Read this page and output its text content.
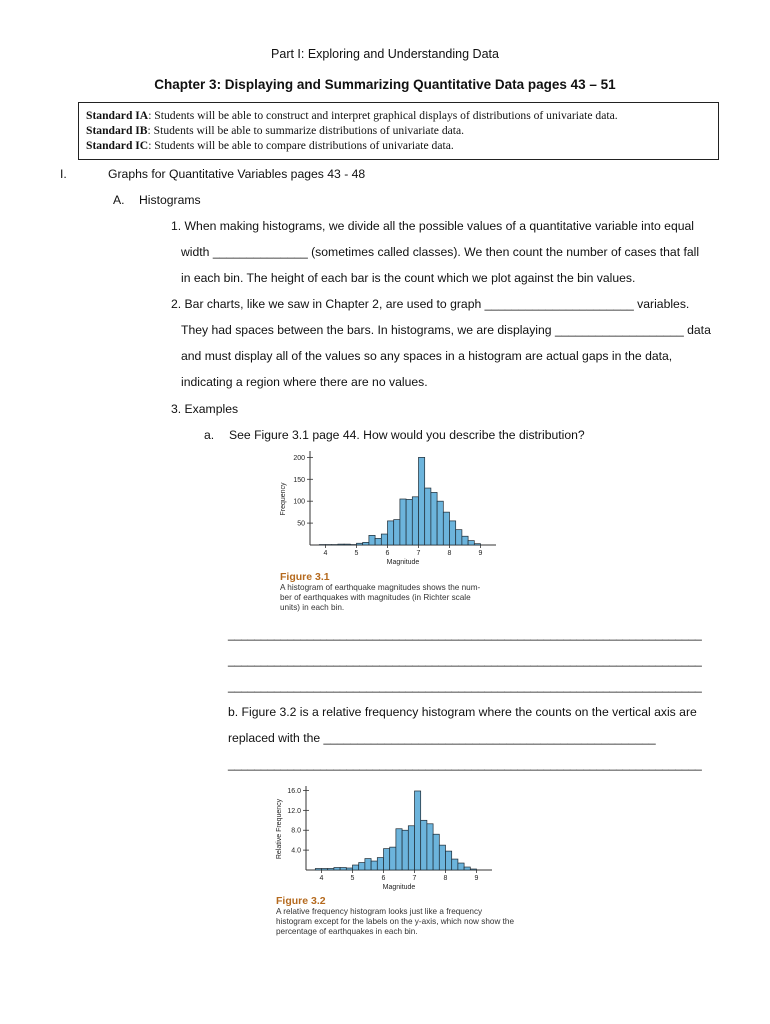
Part I: Exploring and Understanding Data
Chapter 3: Displaying and Summarizing Quantitative Data pages 43 – 51
Standard IA: Students will be able to construct and interpret graphical displays of distributions of univariate data.
Standard IB: Students will be able to summarize distributions of univariate data.
Standard IC: Students will be able to compare distributions of univariate data.
I.	Graphs for Quantitative Variables pages 43 - 48
A. Histograms
1. When making histograms, we divide all the possible values of a quantitative variable into equal
width ______________ (sometimes called classes). We then count the number of cases that fall
in each bin. The height of each bar is the count which we plot against the bin values.
2. Bar charts, like we saw in Chapter 2, are used to graph ______________________ variables.
They had spaces between the bars. In histograms, we are displaying ___________________ data
and must display all of the values so any spaces in a histogram are actual gaps in the data,
indicating a region where there are no values.
3. Examples
a. See Figure 3.1 page 44. How would you describe the distribution?
200
150
100
50
4	5	6	7	8	9
Magnitude
Frequency
Figure 3.1
A histogram of earthquake magnitudes shows the num-ber of earthquakes with magnitudes (in Richter scale units) in each bin.
________________________________________________________________________
________________________________________________________________________
________________________________________________________________________
b. Figure 3.2 is a relative frequency histogram where the counts on the vertical axis are
replaced with the _________________________________________________
________________________________________________________________________
16.0
12.0
8.0
4.0
4	5	6	7	8	9
Magnitude
Relative Frequency
Figure 3.2
A relative frequency histogram looks just like a frequency histogram except for the labels on the y-axis, which now show the percentage of earthquakes in each bin.
